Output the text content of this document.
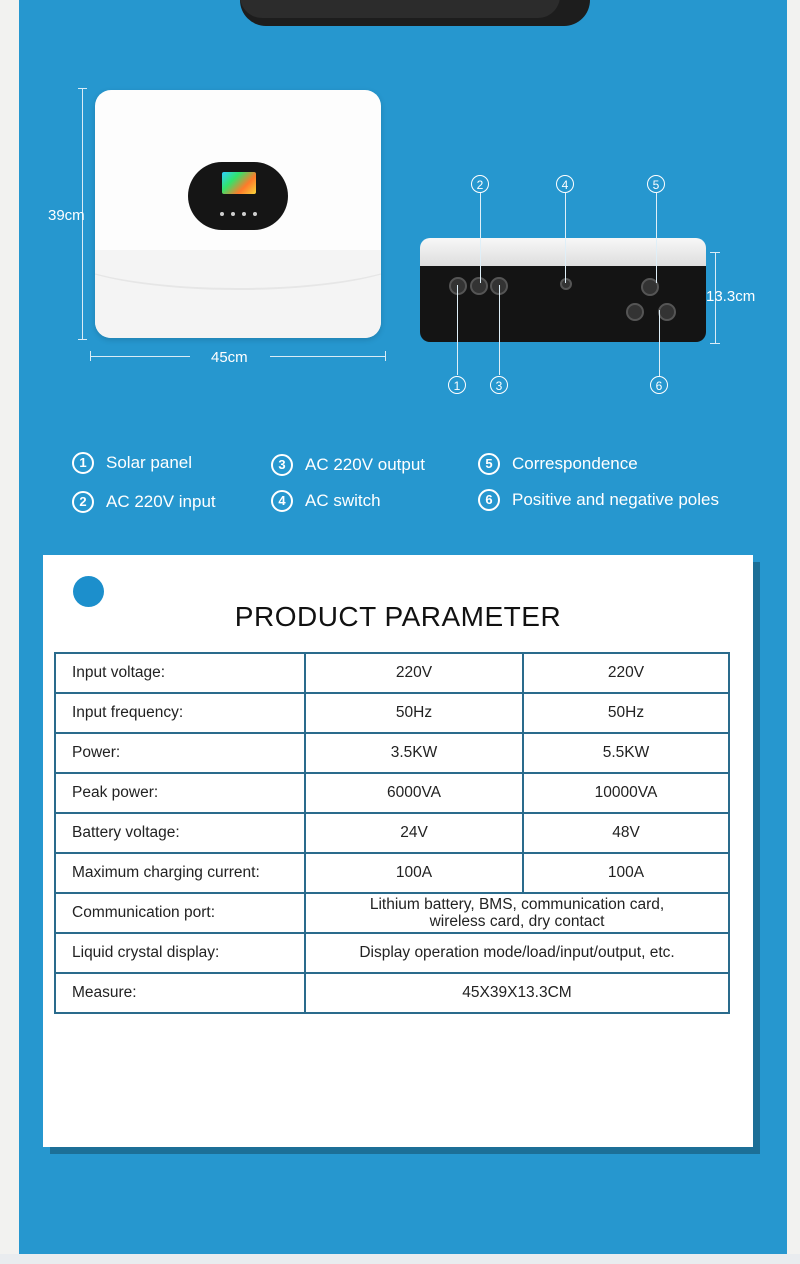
39cm
45cm
2	4	5
1	3	6
13.3cm
1	Solar panel
2	AC 220V input
3	AC 220V output
4	AC switch
5	Correspondence
6	Positive and negative poles
PRODUCT PARAMETER
Input voltage:	220V	220V
Input frequency:	50Hz	50Hz
Power:	3.5KW	5.5KW
Peak power:	6000VA	10000VA
Battery voltage:	24V	48V
Maximum charging current:	100A	100A
Communication port:	Lithium battery, BMS, communication card,
wireless card, dry contact	

Liquid crystal display:	Display operation mode/load/input/output, etc.	
Measure:	45X39X13.3CM	
